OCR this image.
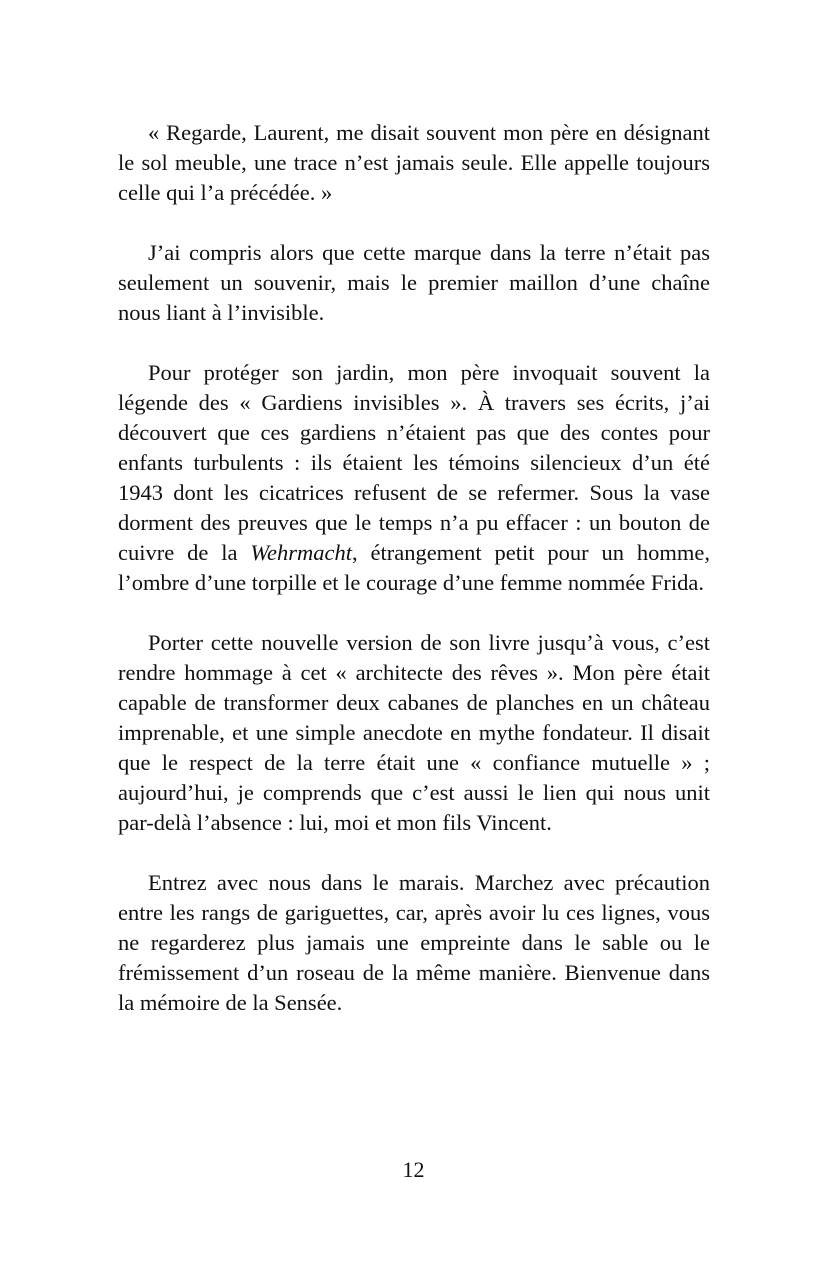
« Regarde, Laurent, me disait souvent mon père en désignant le sol meuble, une trace n’est jamais seule. Elle appelle toujours celle qui l’a précédée. »

J’ai compris alors que cette marque dans la terre n’était pas seulement un souvenir, mais le premier maillon d’une chaîne nous liant à l’invisible.

Pour protéger son jardin, mon père invoquait souvent la légende des « Gardiens invisibles ». À travers ses écrits, j’ai découvert que ces gardiens n’étaient pas que des contes pour enfants turbulents : ils étaient les témoins silencieux d’un été 1943 dont les cicatrices refusent de se refermer. Sous la vase dorment des preuves que le temps n’a pu effacer : un bouton de cuivre de la Wehrmacht, étrangement petit pour un homme, l’ombre d’une torpille et le courage d’une femme nommée Frida.

Porter cette nouvelle version de son livre jusqu’à vous, c’est rendre hommage à cet « architecte des rêves ». Mon père était capable de transformer deux cabanes de planches en un château imprenable, et une simple anecdote en mythe fondateur. Il disait que le respect de la terre était une « confiance mutuelle » ; aujourd’hui, je comprends que c’est aussi le lien qui nous unit par-delà l’absence : lui, moi et mon fils Vincent.

Entrez avec nous dans le marais. Marchez avec précaution entre les rangs de gariguettes, car, après avoir lu ces lignes, vous ne regarderez plus jamais une empreinte dans le sable ou le frémissement d’un roseau de la même manière. Bienvenue dans la mémoire de la Sensée.

12
